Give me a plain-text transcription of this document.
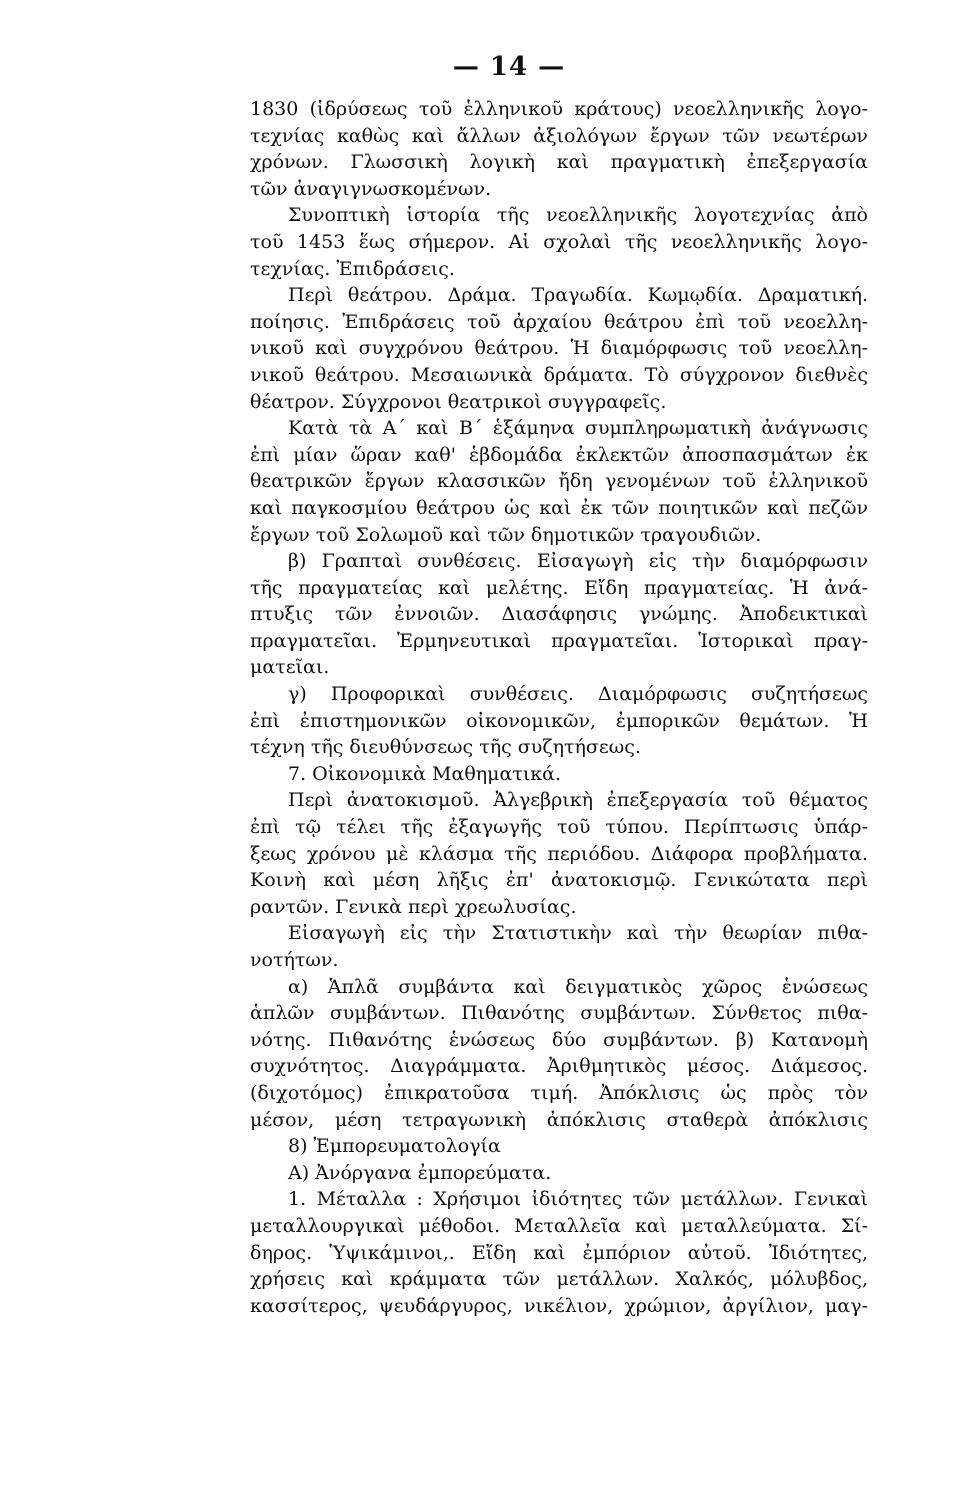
— 14 —
1830 (ἱδρύσεως τοῦ ἑλληνικοῦ κράτους) νεοελληνικῆς λογο-
τεχνίας καθὼς καὶ ἄλλων ἀξιολόγων ἔργων τῶν νεωτέρων
χρόνων. Γλωσσικὴ λογικὴ καὶ πραγματικὴ ἐπεξεργασία
τῶν ἀναγιγνωσκομένων.
Συνοπτικὴ ἱστορία τῆς νεοελληνικῆς λογοτεχνίας ἀπὸ
τοῦ 1453 ἕως σήμερον. Αἱ σχολαὶ τῆς νεοελληνικῆς λογο-
τεχνίας. Ἐπιδράσεις.
Περὶ θεάτρου. Δράμα. Τραγωδία. Κωμῳδία. Δραματική.
ποίησις. Ἐπιδράσεις τοῦ ἀρχαίου θεάτρου ἐπὶ τοῦ νεοελλη-
νικοῦ καὶ συγχρόνου θεάτρου. Ἡ διαμόρφωσις τοῦ νεοελλη-
νικοῦ θεάτρου. Μεσαιωνικὰ δράματα. Τὸ σύγχρονον διεθνὲς
θέατρον. Σύγχρονοι θεατρικοὶ συγγραφεῖς.
Κατὰ τὰ Α΄ καὶ Β΄ ἑξάμηνα συμπληρωματικὴ ἀνάγνωσις
ἐπὶ μίαν ὥραν καθ' ἑβδομάδα ἐκλεκτῶν ἀποσπασμάτων ἐκ
θεατρικῶν ἔργων κλασσικῶν ἤδη γενομένων τοῦ ἑλληνικοῦ
καὶ παγκοσμίου θεάτρου ὡς καὶ ἐκ τῶν ποιητικῶν καὶ πεζῶν
ἔργων τοῦ Σολωμοῦ καὶ τῶν δημοτικῶν τραγουδιῶν.
β) Γραπταὶ συνθέσεις. Εἰσαγωγὴ εἰς τὴν διαμόρφωσιν
τῆς πραγματείας καὶ μελέτης. Εἴδη πραγματείας. Ἡ ἀνά-
πτυξις τῶν ἐννοιῶν. Διασάφησις γνώμης. Ἀποδεικτικαὶ
πραγματεῖαι. Ἑρμηνευτικαὶ πραγματεῖαι. Ἱστορικαὶ πραγ-
ματεῖαι.
γ) Προφορικαὶ συνθέσεις. Διαμόρφωσις συζητήσεως
ἐπὶ ἐπιστημονικῶν οἰκονομικῶν, ἐμπορικῶν θεμάτων. Ἡ
τέχνη τῆς διευθύνσεως τῆς συζητήσεως.
7. Οἰκονομικὰ Μαθηματικά.
Περὶ ἀνατοκισμοῦ. Ἀλγεβρικὴ ἐπεξεργασία τοῦ θέματος
ἐπὶ τῷ τέλει τῆς ἐξαγωγῆς τοῦ τύπου. Περίπτωσις ὑπάρ-
ξεως χρόνου μὲ κλάσμα τῆς περιόδου. Διάφορα προβλήματα.
Κοινὴ καὶ μέση λῆξις ἐπ' ἀνατοκισμῷ. Γενικώτατα περὶ
ραντῶν. Γενικὰ περὶ χρεωλυσίας.
Εἰσαγωγὴ εἰς τὴν Στατιστικὴν καὶ τὴν θεωρίαν πιθα-
νοτήτων.
α) Ἁπλᾶ συμβάντα καὶ δειγματικὸς χῶρος ἑνώσεως
ἁπλῶν συμβάντων. Πιθανότης συμβάντων. Σύνθετος πιθα-
νότης. Πιθανότης ἑνώσεως δύο συμβάντων. β) Κατανομὴ
συχνότητος. Διαγράμματα. Ἀριθμητικὸς μέσος. Διάμεσος.
(διχοτόμος) ἐπικρατοῦσα τιμή. Ἀπόκλισις ὡς πρὸς τὸν
μέσον, μέση τετραγωνικὴ ἀπόκλισις σταθερὰ ἀπόκλισις
8) Ἐμπορευματολογία
Α) Ἀνόργανα ἐμπορεύματα.
1. Μέταλλα : Χρήσιμοι ἰδιότητες τῶν μετάλλων. Γενικαὶ
μεταλλουργικαὶ μέθοδοι. Μεταλλεῖα καὶ μεταλλεύματα. Σί-
δηρος. Ὑψικάμινοι,. Εἴδη καὶ ἐμπόριον αὐτοῦ. Ἰδιότητες,
χρήσεις καὶ κράμματα τῶν μετάλλων. Χαλκός, μόλυβδος,
κασσίτερος, ψευδάργυρος, νικέλιον, χρώμιον, ἀργίλιον, μαγ-
